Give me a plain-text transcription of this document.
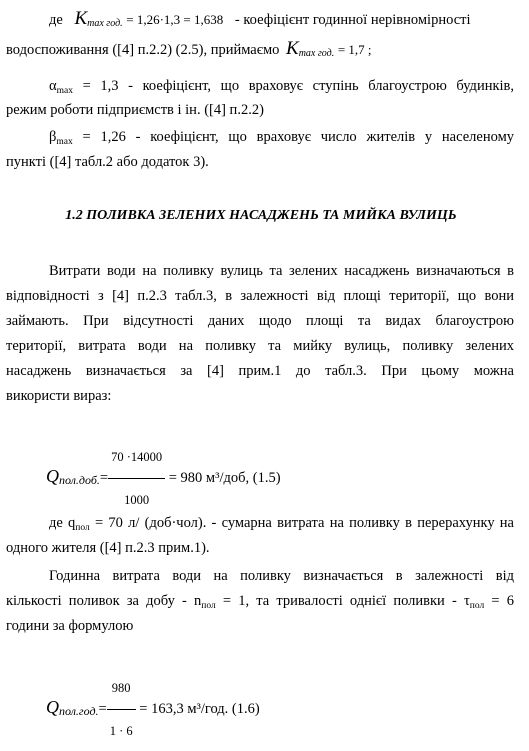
де Kmax год. = 1,26·1,3 = 1,638 - коефіцієнт годинної нерівномірності
водоспоживання ([4] п.2.2) (2.5), приймаємо Kmax год. = 1,7 ;
$\alpha_{max} = 1,3$ - коефіцієнт, що враховує ступінь благоустрою будинків,
режим роботи підприємств і ін. ([4] п.2.2)
$\beta_{max} = 1,26$ - коефіцієнт, що враховує число жителів у населеному
пункті ([4] табл.2 або додаток 3).
1.2 ПОЛИВКА ЗЕЛЕНИХ НАСАДЖЕНЬ ТА МИЙКА ВУЛИЦЬ
Витрати води на поливку вулиць та зелених насаджень визначаються в
відповідності з [4] п.2.3 табл.3, в залежності від площі території, що вони
займають. При відсутності даних щодо площі та видах благоустрою
території, витрата води на поливку та мийку вулиць, поливку зелених
насаджень визначається за [4] прим.1 до табл.3. При цьому можна
використи вираз:
Qпол.доб.= $\frac{70 \cdot 14000}{1000} = 980$ м³/доб, (1.5)
де $q_{пол} = 70$ л/ (доб·чол). - сумарна витрата на поливку в перерахунку на
одного жителя ([4] п.2.3 прим.1).
Годинна витрата води на поливку визначається в залежності від
кількості поливок за добу - $n_{пол} = 1$, та тривалості однієї поливки - $\tau_{пол} = 6$
години за формулою
Qпол.год.= $\frac{980}{1 \cdot 6} = 163,3$ м³/год. (1.6)
